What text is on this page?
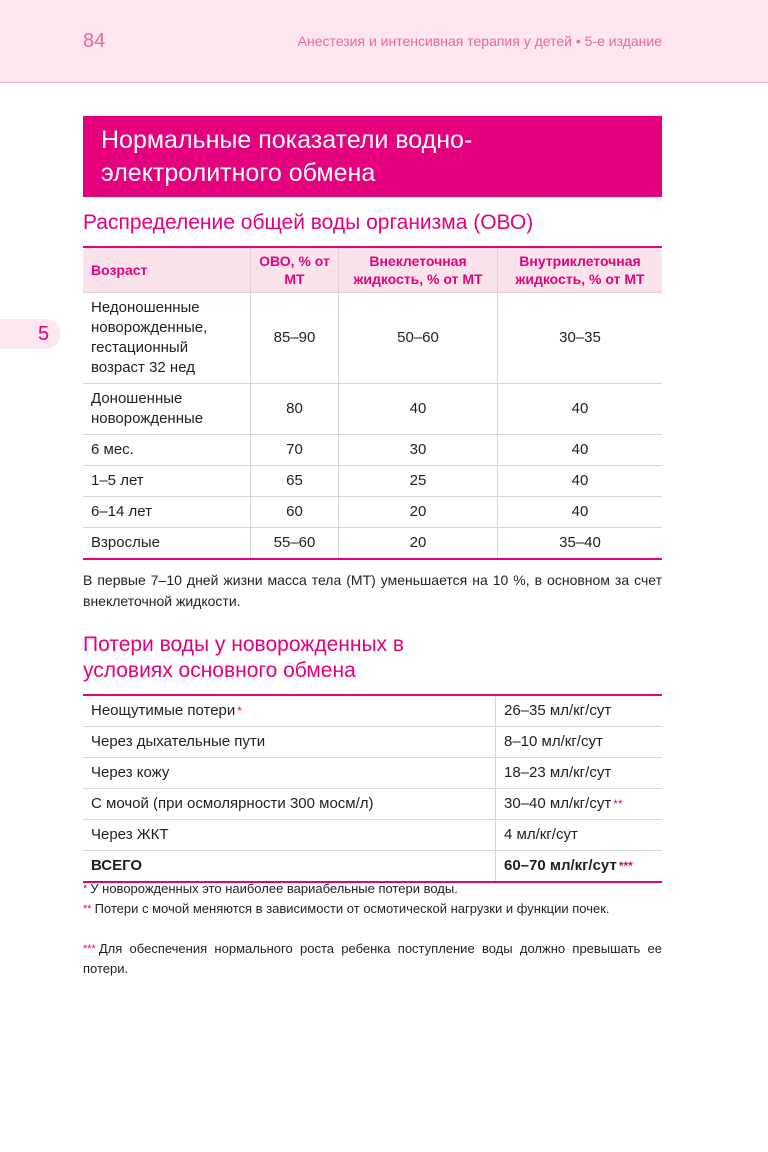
84	Анестезия и интенсивная терапия у детей • 5-е издание
5
Нормальные показатели водно-электролитного обмена
Распределение общей воды организма (ОВО)
Возраст	ОВО, % от МТ	Внеклеточная жидкость, % от МТ	Внутриклеточная жидкость, % от МТ
Недоношенные новорожденные, гестационный возраст 32 нед	85–90	50–60	30–35
Доношенные новорожденные	80	40	40
6 мес.	70	30	40
1–5 лет	65	25	40
6–14 лет	60	20	40
Взрослые	55–60	20	35–40

В первые 7–10 дней жизни масса тела (МТ) уменьшается на 10 %, в основном за счет внеклеточной жидкости.

Потери воды у новорожденных в условиях основного обмена
Неощутимые потери *	26–35 мл/кг/сут
Через дыхательные пути	8–10 мл/кг/сут
Через кожу	18–23 мл/кг/сут
С мочой (при осмолярности 300 мосм/л)	30–40 мл/кг/сут **
Через ЖКТ	4 мл/кг/сут
ВСЕГО	60–70 мл/кг/сут ***

* У новорожденных это наиболее вариабельные потери воды.

** Потери с мочой меняются в зависимости от осмотической нагрузки и функции почек.

*** Для обеспечения нормального роста ребенка поступление воды должно превышать ее потери.
